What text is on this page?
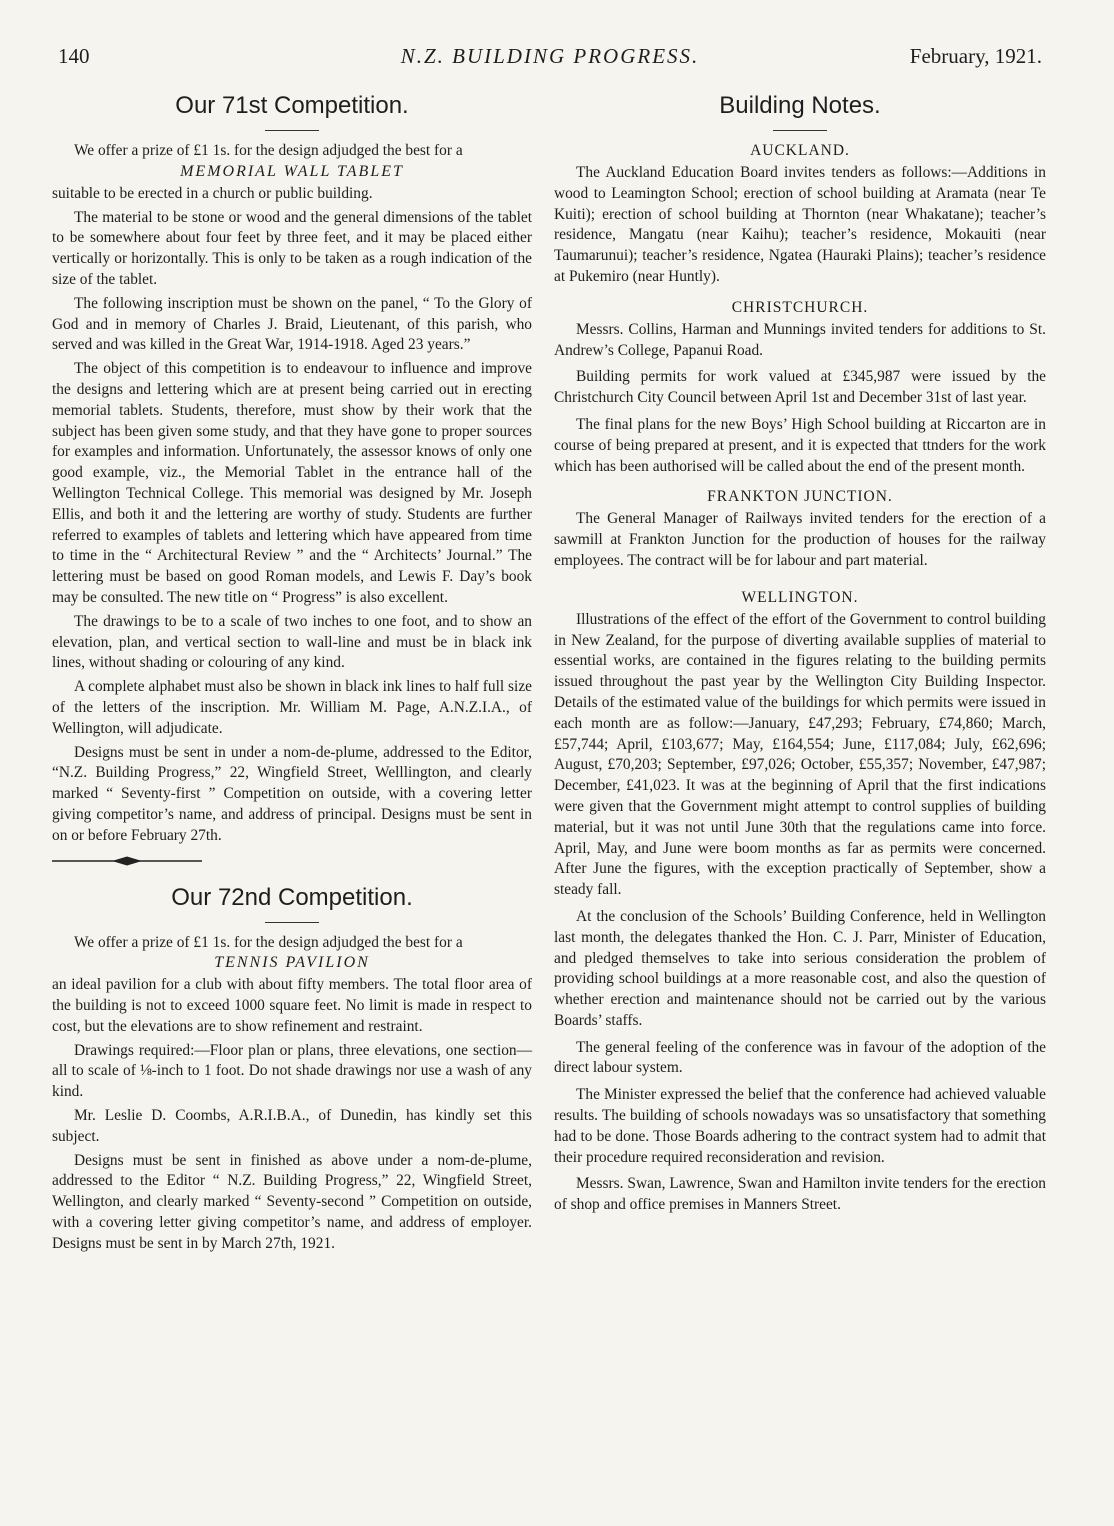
140	N.Z. BUILDING PROGRESS.	February, 1921.
Our 71st Competition.

We offer a prize of £1 1s. for the design adjudged the best for a

MEMORIAL WALL TABLET

suitable to be erected in a church or public building.

The material to be stone or wood and the general dimensions of the tablet to be somewhere about four feet by three feet, and it may be placed either vertically or horizontally. This is only to be taken as a rough indication of the size of the tablet.

The following inscription must be shown on the panel, “ To the Glory of God and in memory of Charles J. Braid, Lieutenant, of this parish, who served and was killed in the Great War, 1914-1918. Aged 23 years.”

The object of this competition is to endeavour to influence and improve the designs and lettering which are at present being carried out in erecting memorial tablets. Students, therefore, must show by their work that the subject has been given some study, and that they have gone to proper sources for examples and information. Unfortunately, the assessor knows of only one good example, viz., the Memorial Tablet in the entrance hall of the Wellington Technical College. This memorial was designed by Mr. Joseph Ellis, and both it and the lettering are worthy of study. Students are further referred to examples of tablets and lettering which have appeared from time to time in the “ Architectural Review ” and the “ Architects’ Journal.” The lettering must be based on good Roman models, and Lewis F. Day’s book may be consulted. The new title on “ Progress” is also excellent.

The drawings to be to a scale of two inches to one foot, and to show an elevation, plan, and vertical section to wall-line and must be in black ink lines, without shading or colouring of any kind.

A complete alphabet must also be shown in black ink lines to half full size of the letters of the inscription. Mr. William M. Page, A.N.Z.I.A., of Wellington, will adjudicate.

Designs must be sent in under a nom-de-plume, addressed to the Editor, “N.Z. Building Progress,” 22, Wingfield Street, Welllington, and clearly marked “ Seventy-first ” Competition on outside, with a covering letter giving competitor’s name, and address of principal. Designs must be sent in on or before February 27th.

Our 72nd Competition.

We offer a prize of £1 1s. for the design adjudged the best for a

TENNIS PAVILION

an ideal pavilion for a club with about fifty members. The total floor area of the building is not to exceed 1000 square feet. No limit is made in respect to cost, but the elevations are to show refinement and restraint.

Drawings required:—Floor plan or plans, three elevations, one section—all to scale of ⅛-inch to 1 foot. Do not shade drawings nor use a wash of any kind.

Mr. Leslie D. Coombs, A.R.I.B.A., of Dunedin, has kindly set this subject.

Designs must be sent in finished as above under a nom-de-plume, addressed to the Editor “ N.Z. Building Progress,” 22, Wingfield Street, Wellington, and clearly marked “ Seventy-second ” Competition on outside, with a covering letter giving competitor’s name, and address of employer. Designs must be sent in by March 27th, 1921.

Building Notes.
AUCKLAND.

The Auckland Education Board invites tenders as follows:—Additions in wood to Leamington School; erection of school building at Aramata (near Te Kuiti); erection of school building at Thornton (near Whakatane); teacher’s residence, Mangatu (near Kaihu); teacher’s residence, Mokauiti (near Taumarunui); teacher’s residence, Ngatea (Hauraki Plains); teacher’s residence at Pukemiro (near Huntly).

CHRISTCHURCH.

Messrs. Collins, Harman and Munnings invited tenders for additions to St. Andrew’s College, Papanui Road.

Building permits for work valued at £345,987 were issued by the Christchurch City Council between April 1st and December 31st of last year.

The final plans for the new Boys’ High School building at Riccarton are in course of being prepared at present, and it is expected that ttnders for the work which has been authorised will be called about the end of the present month.

FRANKTON JUNCTION.

The General Manager of Railways invited tenders for the erection of a sawmill at Frankton Junction for the production of houses for the railway employees. The contract will be for labour and part material.

WELLINGTON.

Illustrations of the effect of the effort of the Government to control building in New Zealand, for the purpose of diverting available supplies of material to essential works, are contained in the figures relating to the building permits issued throughout the past year by the Wellington City Building Inspector. Details of the estimated value of the buildings for which permits were issued in each month are as follow:—January, £47,293; February, £74,860; March, £57,744; April, £103,677; May, £164,554; June, £117,084; July, £62,696; August, £70,203; September, £97,026; October, £55,357; November, £47,987; December, £41,023. It was at the beginning of April that the first indications were given that the Government might attempt to control supplies of building material, but it was not until June 30th that the regulations came into force. April, May, and June were boom months as far as permits were concerned. After June the figures, with the exception practically of September, show a steady fall.

At the conclusion of the Schools’ Building Conference, held in Wellington last month, the delegates thanked the Hon. C. J. Parr, Minister of Education, and pledged themselves to take into serious consideration the problem of providing school buildings at a more reasonable cost, and also the question of whether erection and maintenance should not be carried out by the various Boards’ staffs.

The general feeling of the conference was in favour of the adoption of the direct labour system.

The Minister expressed the belief that the conference had achieved valuable results. The building of schools nowadays was so unsatisfactory that something had to be done. Those Boards adhering to the contract system had to admit that their procedure required reconsideration and revision.

Messrs. Swan, Lawrence, Swan and Hamilton invite tenders for the erection of shop and office premises in Manners Street.
